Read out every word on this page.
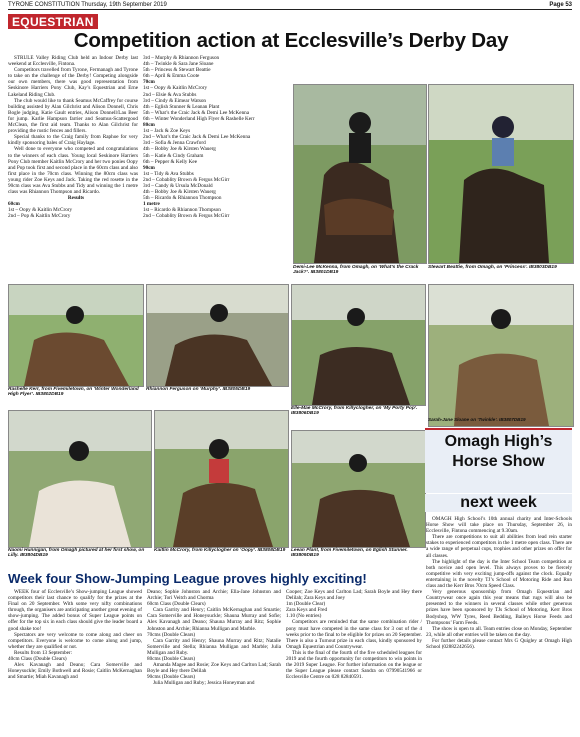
TYRONE CONSTITUTION Thursday, 19th September 2019	Page 53
EQUESTRIAN
Competition action at Ecclesville’s Derby Day

STRULE Valley Riding Club held an Indoor Derby last weekend at Ecclesville, Fintona.

Competitors travelled from Tyrone, Fermanagh and Tyrone to take on the challenge of the Derby! Competing alongside our own members, there was good representation from Seskinore Harriers Pony Club, Kay’s Equestrian and Erne Lakeland Riding Club.

The club would like to thank Seamus McCaffrey for course building assisted by Alan Gilchrist and Alison Donnell, Chris Bogle judging, Katie Gault entries, Alison Donnell/Lau Beer for jump. Karlie Hampson farrier and Seamus-Scattergood McClean, the first aid team. Thanks to Alan Gilchrist for providing the rustic fences and fillers.

Special thanks to the Craig family from Raphoe for very kindly sponsoring bales of Craig Haylage.

Well done to everyone who competed and congratulations to the winners of each class. Young local Seskinore Harriers Pony Club member Kaitlin McCrory and her two ponies Oopy and Pop took first and second place in the 60cm class and also first place in the 70cm class. Winning the 80cm class was young rider Zoe Keys and Jack. Taking the red rosette in the 90cm class was Ava Stubbs and Tidy and winning the 1 metre class was Rhiannon Thompson and Ricardo.

Results

60cm

1st – Oopy & Kaitlin McCrory

2nd – Pop & Kaitlin McCrory

3rd – Murphy & Rhiannon Ferguson

4th – Twinkle & Sara Jane Sloane

5th – Princess & Stewart Beattie

6th – April & Emma Coote

70cm

1st – Oopy & Kaitlin McCrory

2nd – Elsie & Ava Stubbs

3rd – Cindy & Eimear Watson

4th – Eglish Stunner & Leanan Plant

5th – What’s the Craic Jack & Demi Lee McKenna

6th – Winter Wonderland High Flyer & Rashelle Kerr

80cm

1st – Jack & Zoe Keys

2nd – What’s the Craic Jack & Demi Lee McKenna

3rd – Sofia & Jenna Crawford

4th – Bobby Joe & Kirsten Wauerg

5th – Katie & Cindy Graham

6th – Pepper & Kelly Kee

90cm

1st – Tidy & Ava Stubbs

2nd – Cobablity Brown & Fergus McGirr

3rd – Candy & Ursula McDonald

4th – Bobby Joe & Kirsten Wauerg

5th – Ricardo & Rhiannon Thompson

1 metre

1st – Ricardo & Rhiannon Thompson

2nd – Cobablity Brown & Fergus McGirr

Demi-Lee McKenna, from Omagh, on ‘What’s the Crack Jack?’. IB3801DB19
Stewart Beattie, from Omagh, on ‘Princess’. IB3803DB19
Rashelle Kerr, from Fivemiletown, on ‘Winter Wonderland High Flyer’. IB3802DB19
Rhiannon Ferguson on ‘Murphy’. IB3805DB19
Elle-Mae McCrory, from Killyclogher, on ‘My Porty Pop’. IB3806DB19
Naomi Hunnigan, from Omagh pictured at her first show, on Lilly. IB3804DB19
Kaitlin McCrory, from Killyclogher on ‘Oopy’. IB3808DB19	Leean Plant, from Fivemiletown, on Eglish Stunner. IB3809DB19
Sarah-Jane Sloane on ‘Twinkle’. IB3807DB19
Omagh High’s
Horse Show
next week

OMAGH High School’s 10th annual charity and Inter-Schools Horse Show will take place on Thursday, September 26, in Ecclesville, Fintona commencing at 9.30am.

There are competitions to suit all abilities from lead rein starter stakes to experienced competitors in the 1 metre open class. There are a wide range of perpetual cups, trophies and other prizes on offer for all classes.

The highlight of the day is the Inter School Team competition at both novice and open level. This always proves to be fiercely competitive with very exciting jump-offs against the clock. Equally entertaining is the novelty TJ’s School of Motoring Ride and Run class and the Kerr Bros 70cm Speed Class.

Very generous sponsorship from Omagh Equestrian and Countrywear once again this year means that rugs will also be presented to the winners in several classes while other generous prizes have been sponsored by TJs School of Motoring, Kerr Bros Bodyshop, WW Tyres, Reed Bedding, Baileys Horse Feeds and Thompsons’ Farm Feeds.

The show is open to all. Team entries close on Monday, September 23, while all other entries will be taken on the day.

For further details please contact Mrs G Quigley at Omagh High School (02882242656).

Week four Show-Jumping League proves highly exciting!

WEEK four of Ecclesville’s Show-jumping League showed competitors their last chance to qualify for the prizes at the Final on 20 September. With some very nifty combinations through, the organisers are anticipating another great evening of show-jumping. The added bonus of Super League points on offer for the top six in each class should give the leader board a good shake too!

Spectators are very welcome to come along and cheer on competitors. Everyone is welcome to come along and jump, whether they are qualified or not.

Results from 13 September:

40cm Class (Double Clears)

Alex Kavanagh and Deano; Cara Somerville and Honeysuckle; Emily Bothwell and Rosie; Caitlin McKernaghan and Smartie; Miah Kavanagh and

Deano; Sophie Johnston and Archie; Ella-Jane Johnston and Archie; Tori Veitch and Chorma

60cm Class (Double Clears)

Cara Garrity and Henry; Caitlin McKernaghan and Smartie; Cara Somerville and Honeysuckle; Shauna Murray and Sofie; Alex Kavanagh and Deano; Shauna Murray and Ritz; Sophie Johnston and Archie; Rhianna Mulligan and Marble.

70cms (Double Clears)

Cara Garrity and Henry; Shauna Murray and Ritz; Natalie Somerville and Stella; Rhianna Mulligan and Marble; Julia Mulligan and Ruby.

80cms (Double Clears)

Amanda Magee and Rosie; Zoe Keys and Carlton Lad; Sarah Boyle and Hey there Delilah

90cms (Double Clears)

Julia Mulligan and Ruby; Jessica Honeyman and

Cooper; Zoe Keys and Carlton Lad; Sarah Boyle and Hey there Delilah; Zara Keys and Joey

1m (Double Clear)

Zara Keys and Fred

1.10 (No entries)

Competitors are reminded that the same combination rider / pony must have competed in the same class for 3 out of the 4 weeks prior to the final to be eligible for prizes on 20 September. There is also a Turnout prize in each class, kindly sponsored by Omagh Equestrian and Countrywear.

This is the final of the fourth of the five scheduled leagues for 2019 and the fourth opportunity for competitors to win points in the 2019 Super League. For further information on the league or the Super League please contact Sandra on 07990541966 or Ecclesville Centre on 028 82840591.
